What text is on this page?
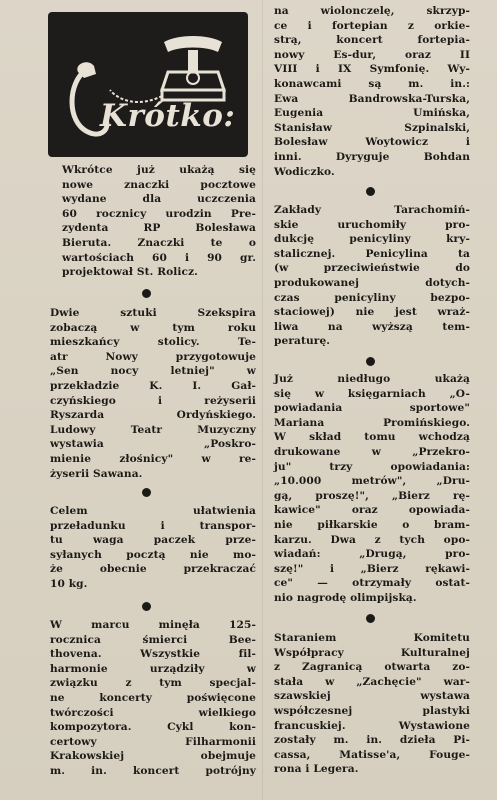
Krótko:

Wkrótce już ukażą się
nowe znaczki pocztowe
wydane dla uczczenia
60 rocznicy urodzin Pre-
zydenta RP Bolesława
Bieruta. Znaczki te o
wartościach 60 i 90 gr.
projektował St. Rolicz.

Dwie sztuki Szekspira
zobaczą w tym roku
mieszkańcy stolicy. Te-
atr Nowy przygotowuje
„Sen nocy letniej" w
przekładzie K. I. Gał-
czyńskiego i reżyserii
Ryszarda Ordyńskiego.
Ludowy Teatr Muzyczny
wystawia „Poskro-
mienie złośnicy" w re-
żyserii Sawana.

Celem ułatwienia
przeładunku i transpor-
tu waga paczek prze-
syłanych pocztą nie mo-
że obecnie przekraczać
10 kg.

W marcu minęła 125-
rocznica śmierci Bee-
thovena. Wszystkie fil-
harmonie urządziły w
związku z tym specjal-
ne koncerty poświęcone
twórczości wielkiego
kompozytora. Cykl kon-
certowy Filharmonii
Krakowskiej obejmuje
m. in. koncert potrójny

na wiolonczelę, skrzyp-
ce i fortepian z orkie-
strą, koncert fortepia-
nowy Es-dur, oraz II
VIII i IX Symfonię. Wy-
konawcami są m. in.:
Ewa Bandrowska-Turska,
Eugenia Umińska,
Stanisław Szpinalski,
Bolesław Woytowicz i
inni. Dyryguje Bohdan
Wodiczko.

Zakłady Tarachomiń-
skie uruchomiły pro-
dukcję penicyliny kry-
stalicznej. Penicylina ta
(w przeciwieństwie do
produkowanej dotych-
czas penicyliny bezpo-
staciowej) nie jest wraż-
liwa na wyższą tem-
peraturę.

Już niedługo ukażą
się w księgarniach „O-
powiadania sportowe"
Mariana Promińskiego.
W skład tomu wchodzą
drukowane w „Przekro-
ju" trzy opowiadania:
„10.000 metrów", „Dru-
gą, proszę!", „Bierz rę-
kawice" oraz opowiada-
nie piłkarskie o bram-
karzu. Dwa z tych opo-
wiadań: „Drugą, pro-
szę!" i „Bierz rękawi-
ce" — otrzymały ostat-
nio nagrodę olimpijską.

Staraniem Komitetu
Współpracy Kulturalnej
z Zagranicą otwarta zo-
stała w „Zachęcie" war-
szawskiej wystawa
współczesnej plastyki
francuskiej. Wystawione
zostały m. in. dzieła Pi-
cassa, Matisse'a, Fouge-
rona i Legera.
